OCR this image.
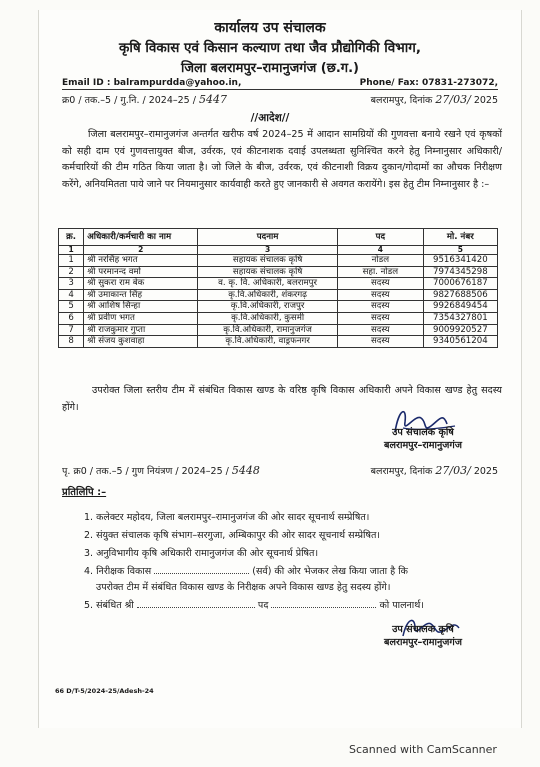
कार्यालय उप संचालक
कृषि विकास एवं किसान कल्याण तथा जैव प्रौद्योगिकी विभाग,
जिला बलरामपुर–रामानुजगंज (छ.ग.)
Email ID : balrampurdda@yahoo.in,	Phone/ Fax: 07831-273072,
क्र0 / तक.–5 / गु.नि. / 2024–25 / 5447	बलरामपुर, दिनांक 27/03/ 2025
//आदेश//
जिला बलरामपुर–रामानुजगंज अन्तर्गत खरीफ वर्ष 2024–25 में आदान सामग्रियों की गुणवत्ता बनाये रखने एवं कृषकों को सही दाम एवं गुणवत्तायुक्त बीज, उर्वरक, एवं कीटनाशक दवाई उपलब्धता सुनिश्चित करने हेतु निम्नानुसार अधिकारी/कर्मचारियों की टीम गठित किया जाता है। जो जिले के बीज, उर्वरक, एवं कीटनाशी विक्रय दुकान/गोदामों का औचक निरीक्षण करेंगे, अनियमितता पाये जाने पर नियमानुसार कार्यवाही करते हुए जानकारी से अवगत करायेंगे। इस हेतु टीम निम्नानुसार है :–
क्र.	अधिकारी/कर्मचारी का नाम	पदनाम	पद	मो. नंबर
1	2	3	4	5
1	श्री नरसिंह भगत	सहायक संचालक कृषि	नोडल	9516341420
2	श्री परमानन्द वर्मा	सहायक संचालक कृषि	सहा. नोडल	7974345298
3	श्री सुकरा राम बेक	व. कृ. वि. अधिकारी, बलरामपुर	सदस्य	7000676187
4	श्री उमाकान्त सिंह	कृ.वि.अधिकारी, शंकरगढ़	सदस्य	9827688506
5	श्री आशिष सिन्हा	कृ.वि.अधिकारी, राजपुर	सदस्य	9926849454
6	श्री प्रवीण भगत	कृ.वि.अधिकारी, कुसमी	सदस्य	7354327801
7	श्री राजकुमार गुप्ता	कृ.वि.अधिकारी, रामानुजगंज	सदस्य	9009920527
8	श्री संजय कुशवाहा	कृ.वि.अधिकारी, वाड्रफनगर	सदस्य	9340561204
उपरोक्त जिला स्तरीय टीम में संबंधित विकास खण्ड के वरिष्ठ कृषि विकास अधिकारी अपने विकास खण्ड हेतु सदस्य होंगे।
उप संचालक कृषि
बलरामपुर–रामानुजगंज
पृ. क्र0 / तक.–5 / गुण नियंत्रण / 2024–25 / 5448	बलरामपुर, दिनांक 27/03/ 2025
प्रतिलिपि :–
1. कलेक्टर महोदय, जिला बलरामपुर–रामानुजगंज की ओर सादर सूचनार्थ सम्प्रेषित।
2. संयुक्त संचालक कृषि संभाग–सरगुजा, अम्बिकापुर की ओर सादर सूचनार्थ सम्प्रेषित।
3. अनुविभागीय कृषि अधिकारी रामानुजगंज की ओर सूचनार्थ प्रेषित।
4. निरीक्षक विकास	(सर्व) की ओर भेजकर लेख किया जाता है कि
उपरोक्त टीम में संबंधित विकास खण्ड के निरीक्षक अपने विकास खण्ड हेतु सदस्य होंगे।
5. संबंधित श्री	पद	को पालनार्थ।
उप संचालक कृषि
बलरामपुर–रामानुजगंज
66 D/T-5/2024-25/Adesh-24
Scanned with CamScanner
